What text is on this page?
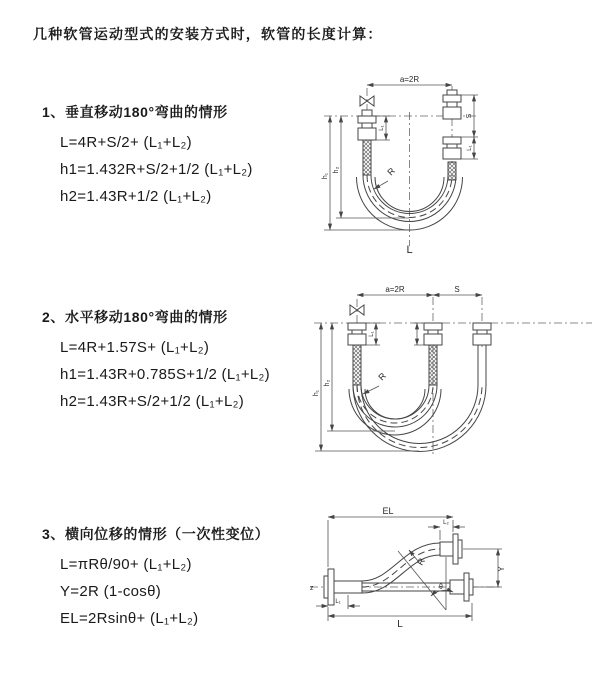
几种软管运动型式的安装方式时，软管的长度计算：
1、垂直移动180°弯曲的情形
L=4R+S/2+ (L₁+L₂)
h1=1.432R+S/2+1/2 (L₁+L₂)
h2=1.43R+1/2 (L₁+L₂)
2、水平移动180°弯曲的情形
L=4R+1.57S+ (L₁+L₂)
h1=1.43R+0.785S+1/2 (L₁+L₂)
h2=1.43R+S/2+1/2 (L₁+L₂)
3、横向位移的情形（一次性变位）
L=πRθ/90+ (L₁+L₂)
Y=2R (1-cosθ)
EL=2Rsinθ+ (L₁+L₂)
a=2R
S
L₁
L₁
h₁
h₂	R
L
a=2R	S
L₁
h₁
h₂
R
z
EL
L₂
Y
L₁
L
R
θ
